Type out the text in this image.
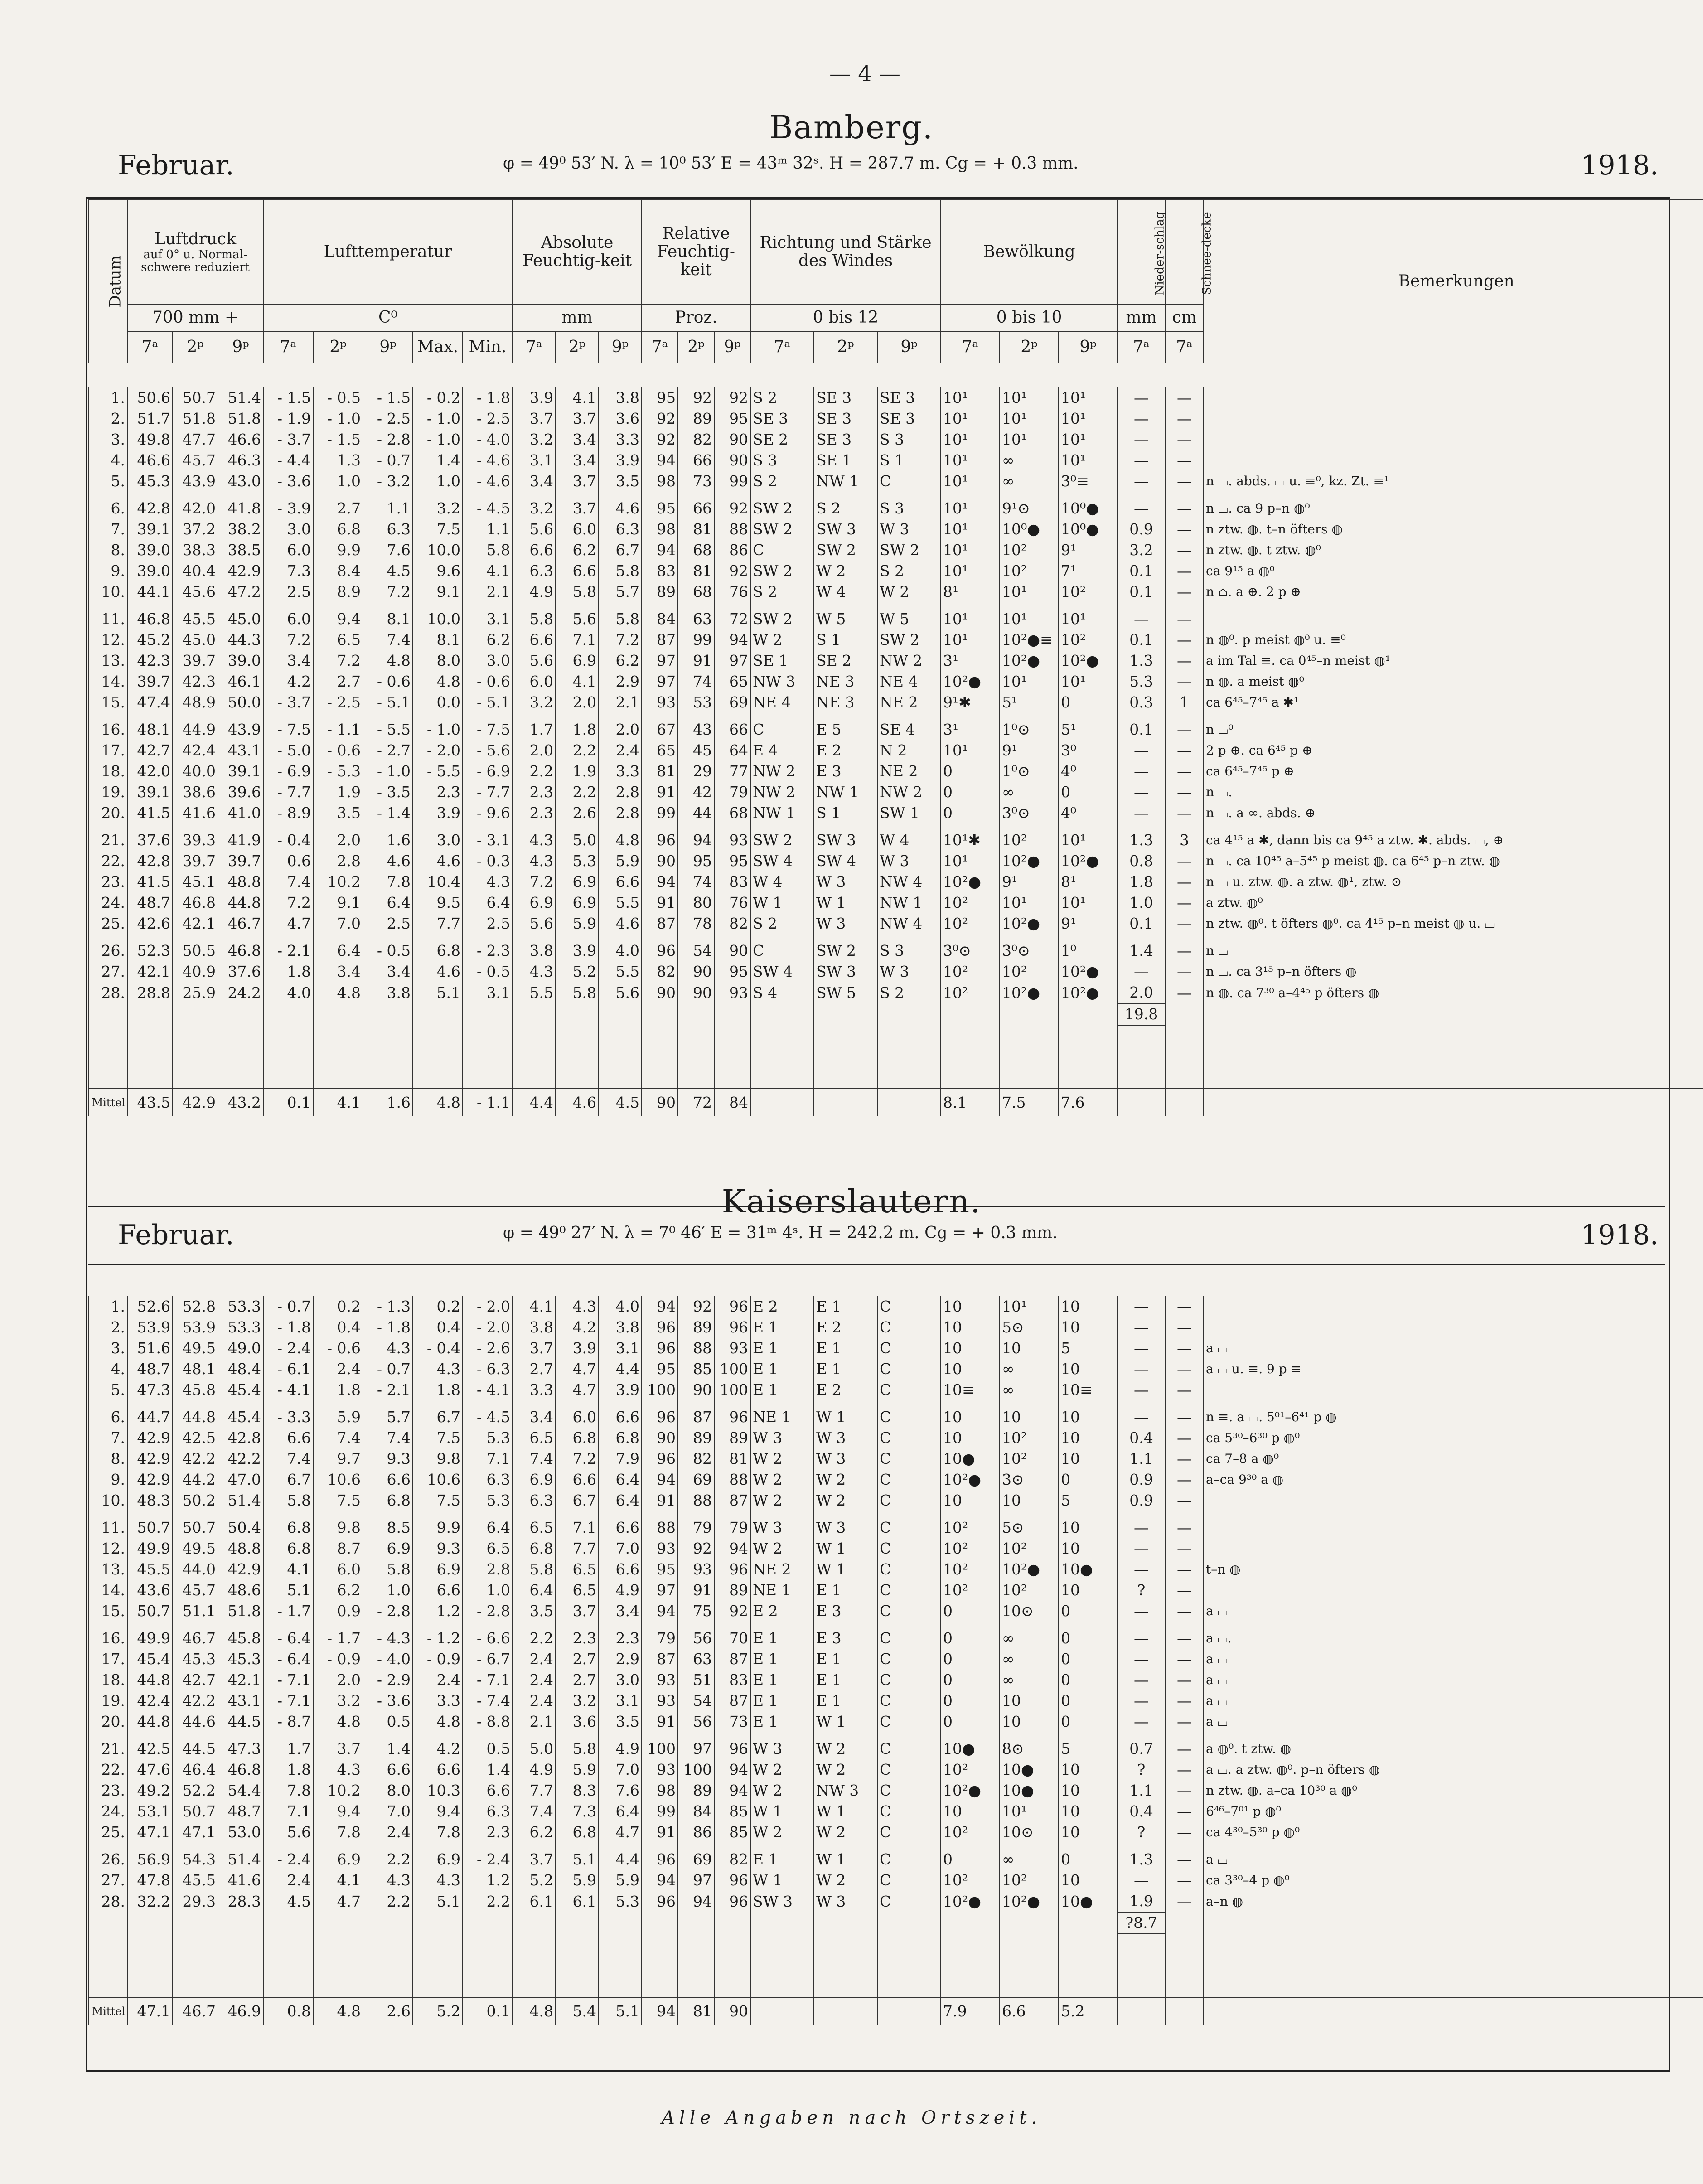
— 4 —
Bamberg.
Februar.	φ = 49⁰ 53′ N. λ = 10⁰ 53′ E = 43ᵐ 32ˢ. H = 287.7 m. Cg = + 0.3 mm.	1918.
Datum	Luftdruck
auf 0° u. Normal-schwere reduziert			Lufttemperatur					Absolute Feuchtig-keit			Relative Feuchtig-keit			Richtung und Stärke des Windes			Bewölkung			Nieder-schlag	Schnee-decke	Bemerkungen
	700 mm +			C⁰					mm			Proz.			0 bis 12			0 bis 10			mm	cm	
	7ᵃ	2ᵖ	9ᵖ	7ᵃ	2ᵖ	9ᵖ	Max.	Min.	7ᵃ	2ᵖ	9ᵖ	7ᵃ	2ᵖ	9ᵖ	7ᵃ	2ᵖ	9ᵖ	7ᵃ	2ᵖ	9ᵖ	7ᵃ	7ᵃ	
1.	50.6	50.7	51.4	- 1.5	- 0.5	- 1.5	- 0.2	- 1.8	3.9	4.1	3.8	95	92	92	S 2	SE 3	SE 3	10¹	10¹	10¹	—	—	
2.	51.7	51.8	51.8	- 1.9	- 1.0	- 2.5	- 1.0	- 2.5	3.7	3.7	3.6	92	89	95	SE 3	SE 3	SE 3	10¹	10¹	10¹	—	—	
3.	49.8	47.7	46.6	- 3.7	- 1.5	- 2.8	- 1.0	- 4.0	3.2	3.4	3.3	92	82	90	SE 2	SE 3	S 3	10¹	10¹	10¹	—	—	
4.	46.6	45.7	46.3	- 4.4	1.3	- 0.7	1.4	- 4.6	3.1	3.4	3.9	94	66	90	S 3	SE 1	S 1	10¹	∞	10¹	—	—	
5.	45.3	43.9	43.0	- 3.6	1.0	- 3.2	1.0	- 4.6	3.4	3.7	3.5	98	73	99	S 2	NW 1	C	10¹	∞	3⁰≡	—	—	n ⌴. abds. ⌴ u. ≡⁰, kz. Zt. ≡¹

6.	42.8	42.0	41.8	- 3.9	2.7	1.1	3.2	- 4.5	3.2	3.7	4.6	95	66	92	SW 2	S 2	S 3	10¹	9¹⊙	10⁰●	—	—	n ⌴. ca 9 p–n ◍⁰
7.	39.1	37.2	38.2	3.0	6.8	6.3	7.5	1.1	5.6	6.0	6.3	98	81	88	SW 2	SW 3	W 3	10¹	10⁰●	10⁰●	0.9	—	n ztw. ◍. t–n öfters ◍
8.	39.0	38.3	38.5	6.0	9.9	7.6	10.0	5.8	6.6	6.2	6.7	94	68	86	C	SW 2	SW 2	10¹	10²	9¹	3.2	—	n ztw. ◍. t ztw. ◍⁰
9.	39.0	40.4	42.9	7.3	8.4	4.5	9.6	4.1	6.3	6.6	5.8	83	81	92	SW 2	W 2	S 2	10¹	10²	7¹	0.1	—	ca 9¹⁵ a ◍⁰
10.	44.1	45.6	47.2	2.5	8.9	7.2	9.1	2.1	4.9	5.8	5.7	89	68	76	S 2	W 4	W 2	8¹	10¹	10²	0.1	—	n ⌂. a ⊕. 2 p ⊕

11.	46.8	45.5	45.0	6.0	9.4	8.1	10.0	3.1	5.8	5.6	5.8	84	63	72	SW 2	W 5	W 5	10¹	10¹	10¹	—	—	
12.	45.2	45.0	44.3	7.2	6.5	7.4	8.1	6.2	6.6	7.1	7.2	87	99	94	W 2	S 1	SW 2	10¹	10²●≡	10²	0.1	—	n ◍⁰. p meist ◍⁰ u. ≡⁰
13.	42.3	39.7	39.0	3.4	7.2	4.8	8.0	3.0	5.6	6.9	6.2	97	91	97	SE 1	SE 2	NW 2	3¹	10²●	10²●	1.3	—	a im Tal ≡. ca 0⁴⁵–n meist ◍¹
14.	39.7	42.3	46.1	4.2	2.7	- 0.6	4.8	- 0.6	6.0	4.1	2.9	97	74	65	NW 3	NE 3	NE 4	10²●	10¹	10¹	5.3	—	n ◍. a meist ◍⁰
15.	47.4	48.9	50.0	- 3.7	- 2.5	- 5.1	0.0	- 5.1	3.2	2.0	2.1	93	53	69	NE 4	NE 3	NE 2	9¹✱	5¹	0	0.3	1	ca 6⁴⁵–7⁴⁵ a ✱¹

16.	48.1	44.9	43.9	- 7.5	- 1.1	- 5.5	- 1.0	- 7.5	1.7	1.8	2.0	67	43	66	C	E 5	SE 4	3¹	1⁰⊙	5¹	0.1	—	n ⌴⁰
17.	42.7	42.4	43.1	- 5.0	- 0.6	- 2.7	- 2.0	- 5.6	2.0	2.2	2.4	65	45	64	E 4	E 2	N 2	10¹	9¹	3⁰	—	—	2 p ⊕. ca 6⁴⁵ p ⊕
18.	42.0	40.0	39.1	- 6.9	- 5.3	- 1.0	- 5.5	- 6.9	2.2	1.9	3.3	81	29	77	NW 2	E 3	NE 2	0	1⁰⊙	4⁰	—	—	ca 6⁴⁵–7⁴⁵ p ⊕
19.	39.1	38.6	39.6	- 7.7	1.9	- 3.5	2.3	- 7.7	2.3	2.2	2.8	91	42	79	NW 2	NW 1	NW 2	0	∞	0	—	—	n ⌴.
20.	41.5	41.6	41.0	- 8.9	3.5	- 1.4	3.9	- 9.6	2.3	2.6	2.8	99	44	68	NW 1	S 1	SW 1	0	3⁰⊙	4⁰	—	—	n ⌴. a ∞. abds. ⊕

21.	37.6	39.3	41.9	- 0.4	2.0	1.6	3.0	- 3.1	4.3	5.0	4.8	96	94	93	SW 2	SW 3	W 4	10¹✱	10²	10¹	1.3	3	ca 4¹⁵ a ✱, dann bis ca 9⁴⁵ a ztw. ✱. abds. ⌴, ⊕
22.	42.8	39.7	39.7	0.6	2.8	4.6	4.6	- 0.3	4.3	5.3	5.9	90	95	95	SW 4	SW 4	W 3	10¹	10²●	10²●	0.8	—	n ⌴. ca 10⁴⁵ a–5⁴⁵ p meist ◍. ca 6⁴⁵ p–n ztw. ◍
23.	41.5	45.1	48.8	7.4	10.2	7.8	10.4	4.3	7.2	6.9	6.6	94	74	83	W 4	W 3	NW 4	10²●	9¹	8¹	1.8	—	n ⌴ u. ztw. ◍. a ztw. ◍¹, ztw. ⊙
24.	48.7	46.8	44.8	7.2	9.1	6.4	9.5	6.4	6.9	6.9	5.5	91	80	76	W 1	W 1	NW 1	10²	10¹	10¹	1.0	—	a ztw. ◍⁰
25.	42.6	42.1	46.7	4.7	7.0	2.5	7.7	2.5	5.6	5.9	4.6	87	78	82	S 2	W 3	NW 4	10²	10²●	9¹	0.1	—	n ztw. ◍⁰. t öfters ◍⁰. ca 4¹⁵ p–n meist ◍ u. ⌴

26.	52.3	50.5	46.8	- 2.1	6.4	- 0.5	6.8	- 2.3	3.8	3.9	4.0	96	54	90	C	SW 2	S 3	3⁰⊙	3⁰⊙	1⁰	1.4	—	n ⌴
27.	42.1	40.9	37.6	1.8	3.4	3.4	4.6	- 0.5	4.3	5.2	5.5	82	90	95	SW 4	SW 3	W 3	10²	10²	10²●	—	—	n ⌴. ca 3¹⁵ p–n öfters ◍
28.	28.8	25.9	24.2	4.0	4.8	3.8	5.1	3.1	5.5	5.8	5.6	90	90	93	S 4	SW 5	S 2	10²	10²●	10²●	2.0	—	n ◍. ca 7³⁰ a–4⁴⁵ p öfters ◍
																					19.8		

Mittel	43.5	42.9	43.2	0.1	4.1	1.6	4.8	- 1.1	4.4	4.6	4.5	90	72	84				8.1	7.5	7.6			
Kaiserslautern.
Februar.	φ = 49⁰ 27′ N. λ = 7⁰ 46′ E = 31ᵐ 4ˢ. H = 242.2 m. Cg = + 0.3 mm.	1918.
1.	52.6	52.8	53.3	- 0.7	0.2	- 1.3	0.2	- 2.0	4.1	4.3	4.0	94	92	96	E 2	E 1	C	10	10¹	10	—	—	
2.	53.9	53.9	53.3	- 1.8	0.4	- 1.8	0.4	- 2.0	3.8	4.2	3.8	96	89	96	E 1	E 2	C	10	5⊙	10	—	—	
3.	51.6	49.5	49.0	- 2.4	- 0.6	4.3	- 0.4	- 2.6	3.7	3.9	3.1	96	88	93	E 1	E 1	C	10	10	5	—	—	a ⌴
4.	48.7	48.1	48.4	- 6.1	2.4	- 0.7	4.3	- 6.3	2.7	4.7	4.4	95	85	100	E 1	E 1	C	10	∞	10	—	—	a ⌴ u. ≡. 9 p ≡
5.	47.3	45.8	45.4	- 4.1	1.8	- 2.1	1.8	- 4.1	3.3	4.7	3.9	100	90	100	E 1	E 2	C	10≡	∞	10≡	—	—	

6.	44.7	44.8	45.4	- 3.3	5.9	5.7	6.7	- 4.5	3.4	6.0	6.6	96	87	96	NE 1	W 1	C	10	10	10	—	—	n ≡. a ⌴. 5⁰¹–6⁴¹ p ◍
7.	42.9	42.5	42.8	6.6	7.4	7.4	7.5	5.3	6.5	6.8	6.8	90	89	89	W 3	W 3	C	10	10²	10	0.4	—	ca 5³⁰–6³⁰ p ◍⁰
8.	42.9	42.2	42.2	7.4	9.7	9.3	9.8	7.1	7.4	7.2	7.9	96	82	81	W 2	W 3	C	10●	10²	10	1.1	—	ca 7–8 a ◍⁰
9.	42.9	44.2	47.0	6.7	10.6	6.6	10.6	6.3	6.9	6.6	6.4	94	69	88	W 2	W 2	C	10²●	3⊙	0	0.9	—	a–ca 9³⁰ a ◍
10.	48.3	50.2	51.4	5.8	7.5	6.8	7.5	5.3	6.3	6.7	6.4	91	88	87	W 2	W 2	C	10	10	5	0.9	—	

11.	50.7	50.7	50.4	6.8	9.8	8.5	9.9	6.4	6.5	7.1	6.6	88	79	79	W 3	W 3	C	10²	5⊙	10	—	—	
12.	49.9	49.5	48.8	6.8	8.7	6.9	9.3	6.5	6.8	7.7	7.0	93	92	94	W 2	W 1	C	10²	10²	10	—	—	
13.	45.5	44.0	42.9	4.1	6.0	5.8	6.9	2.8	5.8	6.5	6.6	95	93	96	NE 2	W 1	C	10²	10²●	10●	—	—	t–n ◍
14.	43.6	45.7	48.6	5.1	6.2	1.0	6.6	1.0	6.4	6.5	4.9	97	91	89	NE 1	E 1	C	10²	10²	10	?	—	
15.	50.7	51.1	51.8	- 1.7	0.9	- 2.8	1.2	- 2.8	3.5	3.7	3.4	94	75	92	E 2	E 3	C	0	10⊙	0	—	—	a ⌴

16.	49.9	46.7	45.8	- 6.4	- 1.7	- 4.3	- 1.2	- 6.6	2.2	2.3	2.3	79	56	70	E 1	E 3	C	0	∞	0	—	—	a ⌴.
17.	45.4	45.3	45.3	- 6.4	- 0.9	- 4.0	- 0.9	- 6.7	2.4	2.7	2.9	87	63	87	E 1	E 1	C	0	∞	0	—	—	a ⌴
18.	44.8	42.7	42.1	- 7.1	2.0	- 2.9	2.4	- 7.1	2.4	2.7	3.0	93	51	83	E 1	E 1	C	0	∞	0	—	—	a ⌴
19.	42.4	42.2	43.1	- 7.1	3.2	- 3.6	3.3	- 7.4	2.4	3.2	3.1	93	54	87	E 1	E 1	C	0	10	0	—	—	a ⌴
20.	44.8	44.6	44.5	- 8.7	4.8	0.5	4.8	- 8.8	2.1	3.6	3.5	91	56	73	E 1	W 1	C	0	10	0	—	—	a ⌴

21.	42.5	44.5	47.3	1.7	3.7	1.4	4.2	0.5	5.0	5.8	4.9	100	97	96	W 3	W 2	C	10●	8⊙	5	0.7	—	a ◍⁰. t ztw. ◍
22.	47.6	46.4	46.8	1.8	4.3	6.6	6.6	1.4	4.9	5.9	7.0	93	100	94	W 2	W 2	C	10²	10●	10	?	—	a ⌴. a ztw. ◍⁰. p–n öfters ◍
23.	49.2	52.2	54.4	7.8	10.2	8.0	10.3	6.6	7.7	8.3	7.6	98	89	94	W 2	NW 3	C	10²●	10●	10	1.1	—	n ztw. ◍. a–ca 10³⁰ a ◍⁰
24.	53.1	50.7	48.7	7.1	9.4	7.0	9.4	6.3	7.4	7.3	6.4	99	84	85	W 1	W 1	C	10	10¹	10	0.4	—	6⁴⁶–7⁰¹ p ◍⁰
25.	47.1	47.1	53.0	5.6	7.8	2.4	7.8	2.3	6.2	6.8	4.7	91	86	85	W 2	W 2	C	10²	10⊙	10	?	—	ca 4³⁰–5³⁰ p ◍⁰

26.	56.9	54.3	51.4	- 2.4	6.9	2.2	6.9	- 2.4	3.7	5.1	4.4	96	69	82	E 1	W 1	C	0	∞	0	1.3	—	a ⌴
27.	47.8	45.5	41.6	2.4	4.1	4.3	4.3	1.2	5.2	5.9	5.9	94	97	96	W 1	W 2	C	10²	10²	10	—	—	ca 3³⁰–4 p ◍⁰
28.	32.2	29.3	28.3	4.5	4.7	2.2	5.1	2.2	6.1	6.1	5.3	96	94	96	SW 3	W 3	C	10²●	10²●	10●	1.9	—	a–n ◍
																					?8.7		

Mittel	47.1	46.7	46.9	0.8	4.8	2.6	5.2	0.1	4.8	5.4	5.1	94	81	90				7.9	6.6	5.2			
Alle Angaben nach Ortszeit.
